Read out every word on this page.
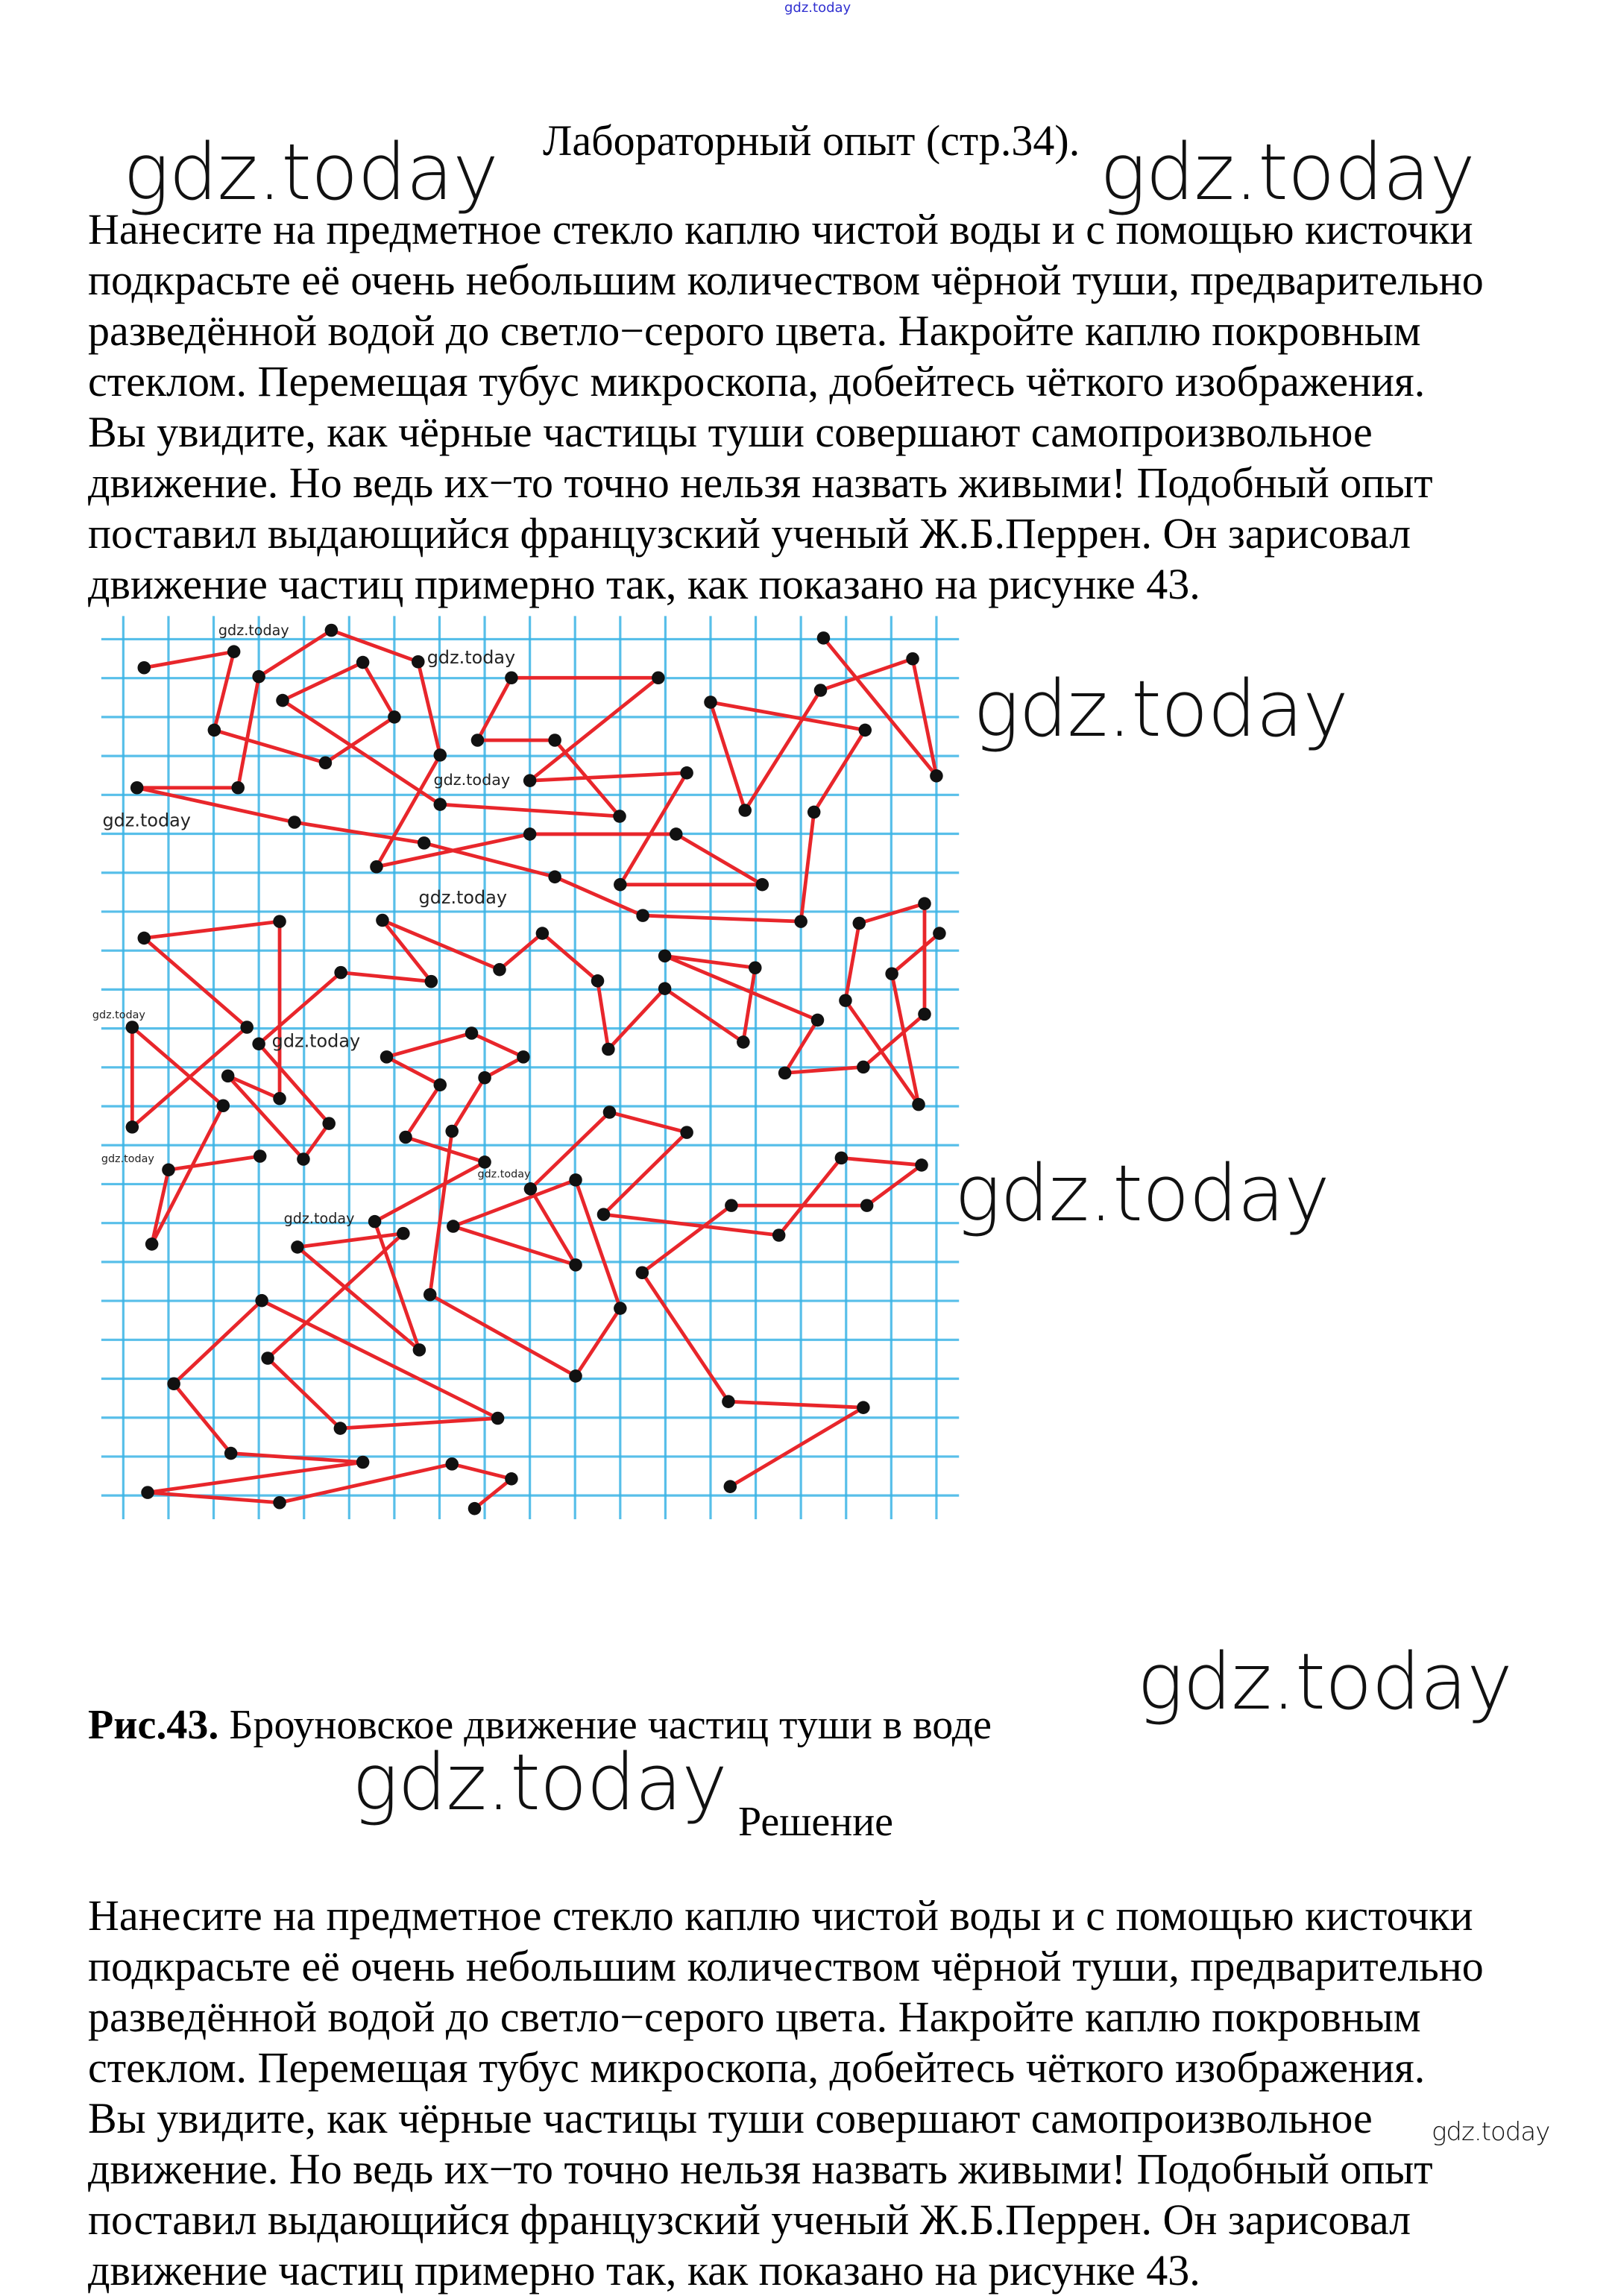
gdz.today
Лабораторный опыт (стр.34).
Нанесите на предметное стекло каплю чистой воды и с помощью кисточки
подкрасьте её очень небольшим количеством чёрной туши, предварительно
разведённой водой до светло−серого цвета. Накройте каплю покровным
стеклом. Перемещая тубус микроскопа, добейтесь чёткого изображения.
Вы увидите, как чёрные частицы туши совершают самопроизвольное
движение. Но ведь их−то точно нельзя назвать живыми! Подобный опыт
поставил выдающийся французский ученый Ж.Б.Перрен. Он зарисовал
движение частиц примерно так, как показано на рисунке 43.
gdz.today
gdz.today
gdz.today
gdz.today
gdz.today
gdz.today
gdz.today
gdz.today
gdz.today
gdz.today
Рис.43. Броуновское движение частиц туши в воде
Решение
Нанесите на предметное стекло каплю чистой воды и с помощью кисточки
подкрасьте её очень небольшим количеством чёрной туши, предварительно
разведённой водой до светло−серого цвета. Накройте каплю покровным
стеклом. Перемещая тубус микроскопа, добейтесь чёткого изображения.
Вы увидите, как чёрные частицы туши совершают самопроизвольное
движение. Но ведь их−то точно нельзя назвать живыми! Подобный опыт
поставил выдающийся французский ученый Ж.Б.Перрен. Он зарисовал
движение частиц примерно так, как показано на рисунке 43.
gdz.today	gdz.today
gdz.today
gdz.today
gdz.today
gdz.today
gdz.today
